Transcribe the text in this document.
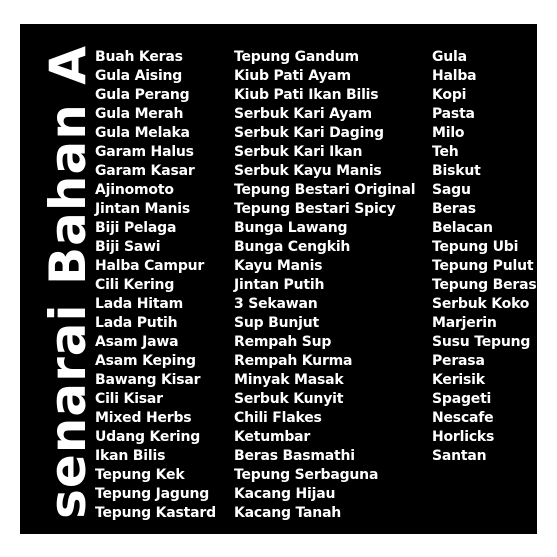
senarai Bahan A
Buah Keras
Gula Aising
Gula Perang
Gula Merah
Gula Melaka
Garam Halus
Garam Kasar
Ajinomoto
Jintan Manis
Biji Pelaga
Biji Sawi
Halba Campur
Cili Kering
Lada Hitam
Lada Putih
Asam Jawa
Asam Keping
Bawang Kisar
Cili Kisar
Mixed Herbs
Udang Kering
Ikan Bilis
Tepung Kek
Tepung Jagung
Tepung Kastard
Tepung Gandum
Kiub Pati Ayam
Kiub Pati Ikan Bilis
Serbuk Kari Ayam
Serbuk Kari Daging
Serbuk Kari Ikan
Serbuk Kayu Manis
Tepung Bestari Original
Tepung Bestari Spicy
Bunga Lawang
Bunga Cengkih
Kayu Manis
Jintan Putih
3 Sekawan
Sup Bunjut
Rempah Sup
Rempah Kurma
Minyak Masak
Serbuk Kunyit
Chili Flakes
Ketumbar
Beras Basmathi
Tepung Serbaguna
Kacang Hijau
Kacang Tanah
Gula
Halba
Kopi
Pasta
Milo
Teh
Biskut
Sagu
Beras
Belacan
Tepung Ubi
Tepung Pulut
Tepung Beras
Serbuk Koko
Marjerin
Susu Tepung
Perasa
Kerisik
Spageti
Nescafe
Horlicks
Santan
